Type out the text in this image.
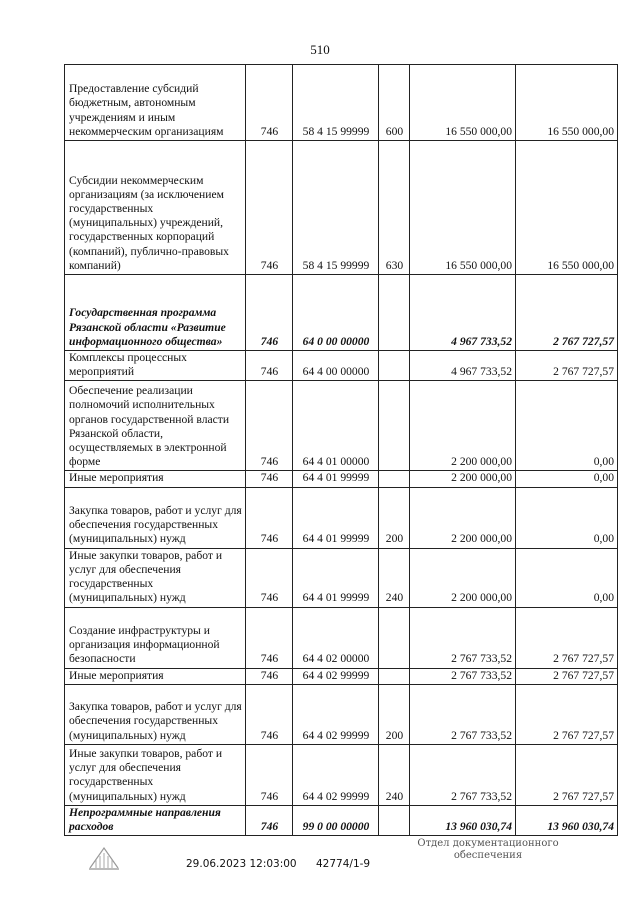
510
Предоставление субсидий бюджетным, автономным учреждениям и иным некоммерческим организациям	746	58 4 15 99999	600	16 550 000,00	16 550 000,00
Субсидии некоммерческим организациям (за исключением государственных (муниципальных) учреждений, государственных корпораций (компаний), публично-правовых компаний)	746	58 4 15 99999	630	16 550 000,00	16 550 000,00
Государственная программа Рязанской области «Развитие информационного общества»	746	64 0 00 00000		4 967 733,52	2 767 727,57
Комплексы процессных мероприятий	746	64 4 00 00000		4 967 733,52	2 767 727,57
Обеспечение реализации полномочий исполнительных органов государственной власти Рязанской области, осуществляемых в электронной форме	746	64 4 01 00000		2 200 000,00	0,00
Иные мероприятия	746	64 4 01 99999		2 200 000,00	0,00
Закупка товаров, работ и услуг для обеспечения государственных (муниципальных) нужд	746	64 4 01 99999	200	2 200 000,00	0,00
Иные закупки товаров, работ и услуг для обеспечения государственных (муниципальных) нужд	746	64 4 01 99999	240	2 200 000,00	0,00
Создание инфраструктуры и организация информационной безопасности	746	64 4 02 00000		2 767 733,52	2 767 727,57
Иные мероприятия	746	64 4 02 99999		2 767 733,52	2 767 727,57
Закупка товаров, работ и услуг для обеспечения государственных (муниципальных) нужд	746	64 4 02 99999	200	2 767 733,52	2 767 727,57
Иные закупки товаров, работ и услуг для обеспечения государственных (муниципальных) нужд	746	64 4 02 99999	240	2 767 733,52	2 767 727,57
Непрограммные направления расходов	746	99 0 00 00000		13 960 030,74	13 960 030,74
29.06.2023 12:03:00 42774/1-9
Отдел документационного
обеспечения
